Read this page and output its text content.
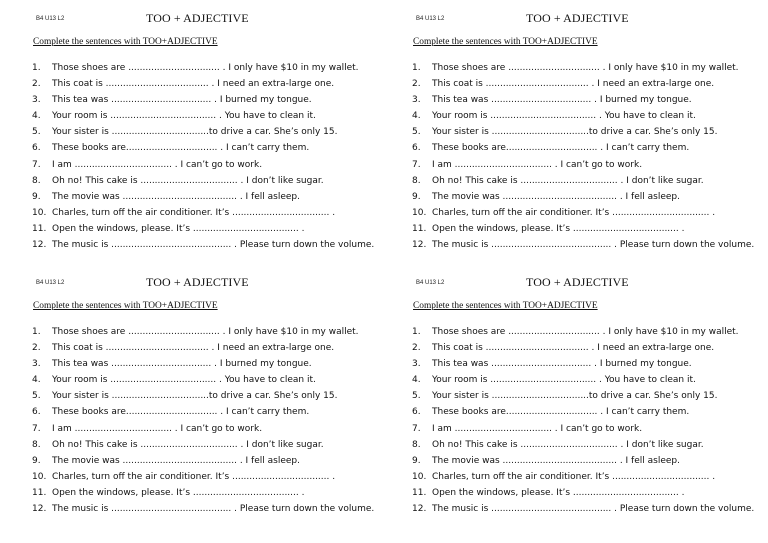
B4 U13 L2	TOO + ADJECTIVE
Complete the sentences with TOO+ADJECTIVE
1.	Those shoes are ................................ . I only have $10 in my wallet.
2.	This coat is .................................... . I need an extra-large one.
3.	This tea was ................................... . I burned my tongue.
4.	Your room is ..................................... . You have to clean it.
5.	Your sister is ..................................to drive a car. She’s only 15.
6.	These books are................................ . I can’t carry them.
7.	I am .................................. . I can’t go to work.
8.	Oh no! This cake is .................................. . I don’t like sugar.
9.	The movie was ........................................ . I fell asleep.
10. Charles, turn off the air conditioner. It’s .................................. .
11. Open the windows, please. It’s ..................................... .
12. The music is .......................................... . Please turn down the volume.
B4 U13 L2	TOO + ADJECTIVE
Complete the sentences with TOO+ADJECTIVE
1.	Those shoes are ................................ . I only have $10 in my wallet.
2.	This coat is .................................... . I need an extra-large one.
3.	This tea was ................................... . I burned my tongue.
4.	Your room is ..................................... . You have to clean it.
5.	Your sister is ..................................to drive a car. She’s only 15.
6.	These books are................................ . I can’t carry them.
7.	I am .................................. . I can’t go to work.
8.	Oh no! This cake is .................................. . I don’t like sugar.
9.	The movie was ........................................ . I fell asleep.
10. Charles, turn off the air conditioner. It’s .................................. .
11. Open the windows, please. It’s ..................................... .
12. The music is .......................................... . Please turn down the volume.
B4 U13 L2	TOO + ADJECTIVE
Complete the sentences with TOO+ADJECTIVE
1.	Those shoes are ................................ . I only have $10 in my wallet.
2.	This coat is .................................... . I need an extra-large one.
3.	This tea was ................................... . I burned my tongue.
4.	Your room is ..................................... . You have to clean it.
5.	Your sister is ..................................to drive a car. She’s only 15.
6.	These books are................................ . I can’t carry them.
7.	I am .................................. . I can’t go to work.
8.	Oh no! This cake is .................................. . I don’t like sugar.
9.	The movie was ........................................ . I fell asleep.
10. Charles, turn off the air conditioner. It’s .................................. .
11. Open the windows, please. It’s ..................................... .
12. The music is .......................................... . Please turn down the volume.
B4 U13 L2	TOO + ADJECTIVE
Complete the sentences with TOO+ADJECTIVE
1.	Those shoes are ................................ . I only have $10 in my wallet.
2.	This coat is .................................... . I need an extra-large one.
3.	This tea was ................................... . I burned my tongue.
4.	Your room is ..................................... . You have to clean it.
5.	Your sister is ..................................to drive a car. She’s only 15.
6.	These books are................................ . I can’t carry them.
7.	I am .................................. . I can’t go to work.
8.	Oh no! This cake is .................................. . I don’t like sugar.
9.	The movie was ........................................ . I fell asleep.
10. Charles, turn off the air conditioner. It’s .................................. .
11. Open the windows, please. It’s ..................................... .
12. The music is .......................................... . Please turn down the volume.
